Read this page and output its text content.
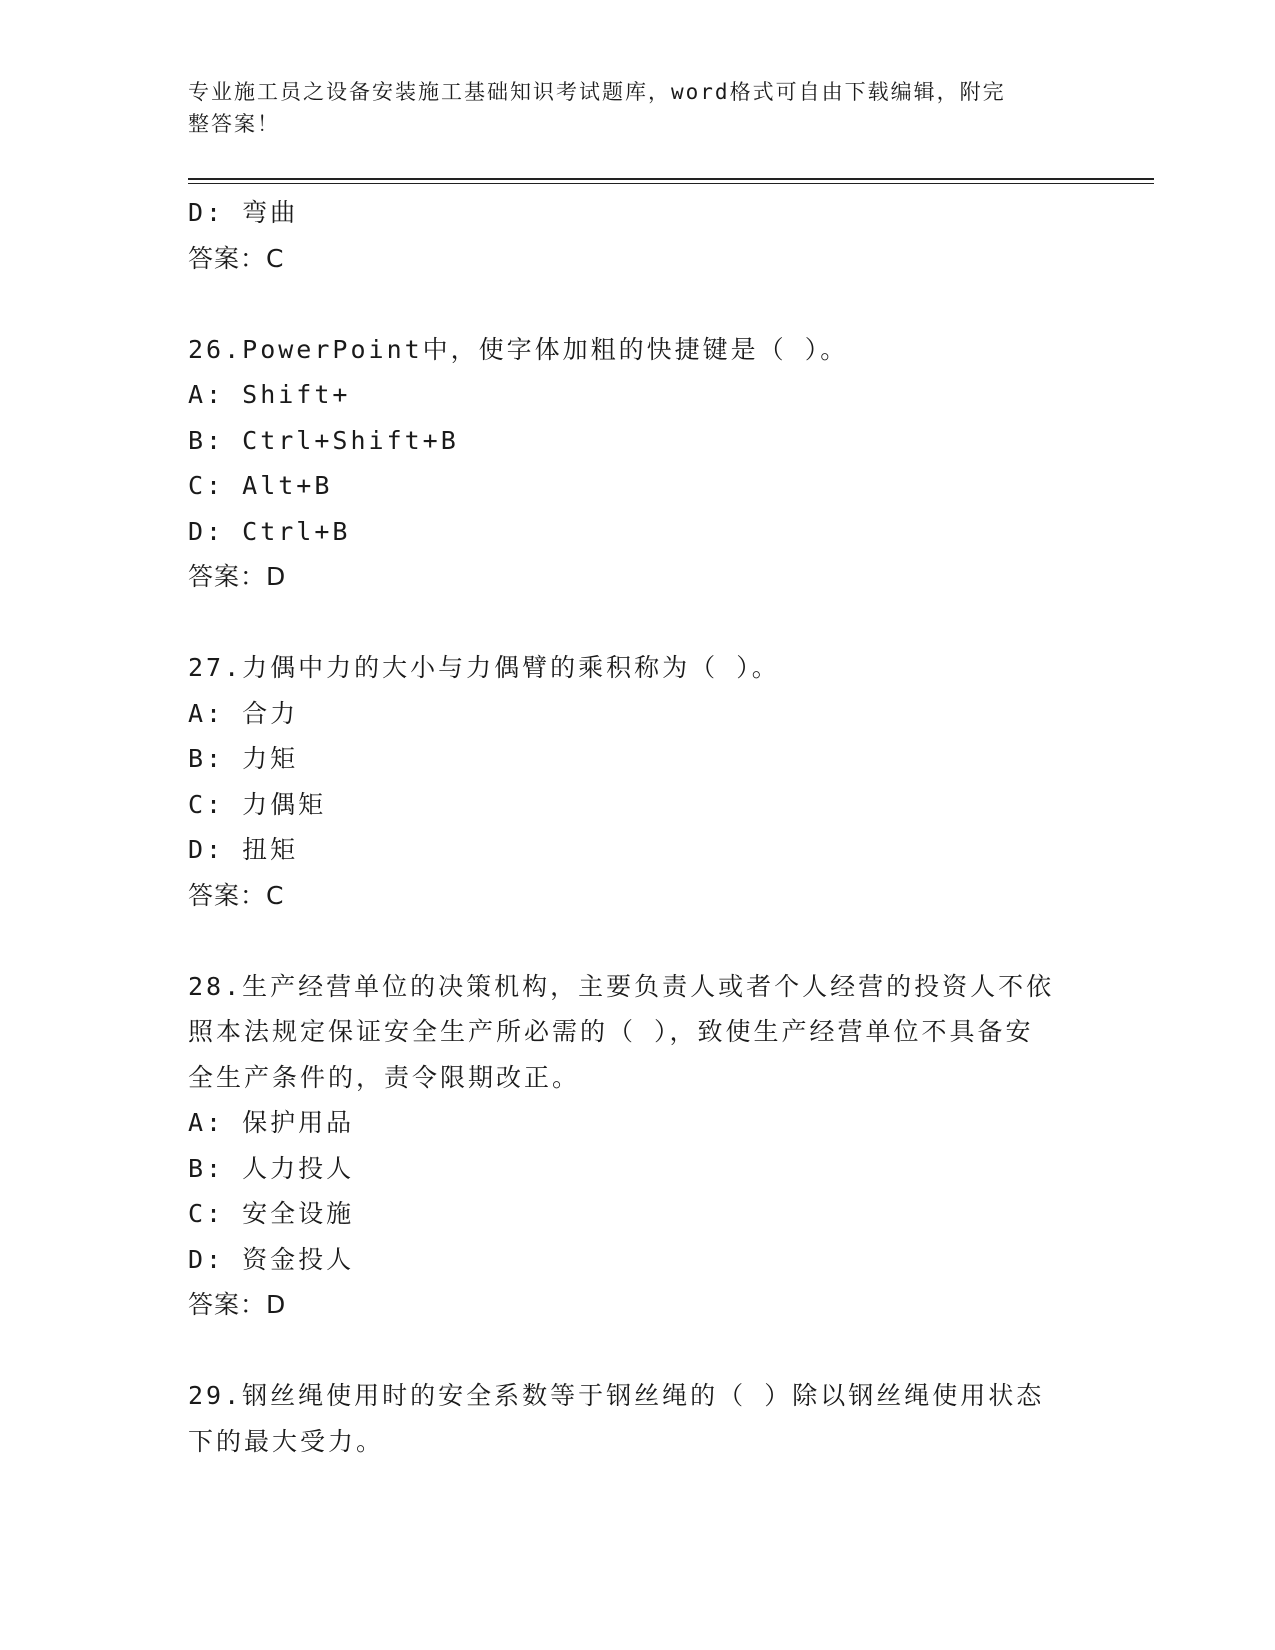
专业施工员之设备安装施工基础知识考试题库，word格式可自由下载编辑，附完
整答案！
D: 弯曲
答案：C
26.PowerPoint中，使字体加粗的快捷键是（ ）。
A: Shift+
B: Ctrl+Shift+B
C: Alt+B
D: Ctrl+B
答案：D
27.力偶中力的大小与力偶臂的乘积称为（ ）。
A: 合力
B: 力矩
C: 力偶矩
D: 扭矩
答案：C
28.生产经营单位的决策机构，主要负责人或者个人经营的投资人不依
照本法规定保证安全生产所必需的（ ），致使生产经营单位不具备安
全生产条件的，责令限期改正。
A: 保护用品
B: 人力投人
C: 安全设施
D: 资金投人
答案：D
29.钢丝绳使用时的安全系数等于钢丝绳的（ ）除以钢丝绳使用状态
下的最大受力。
